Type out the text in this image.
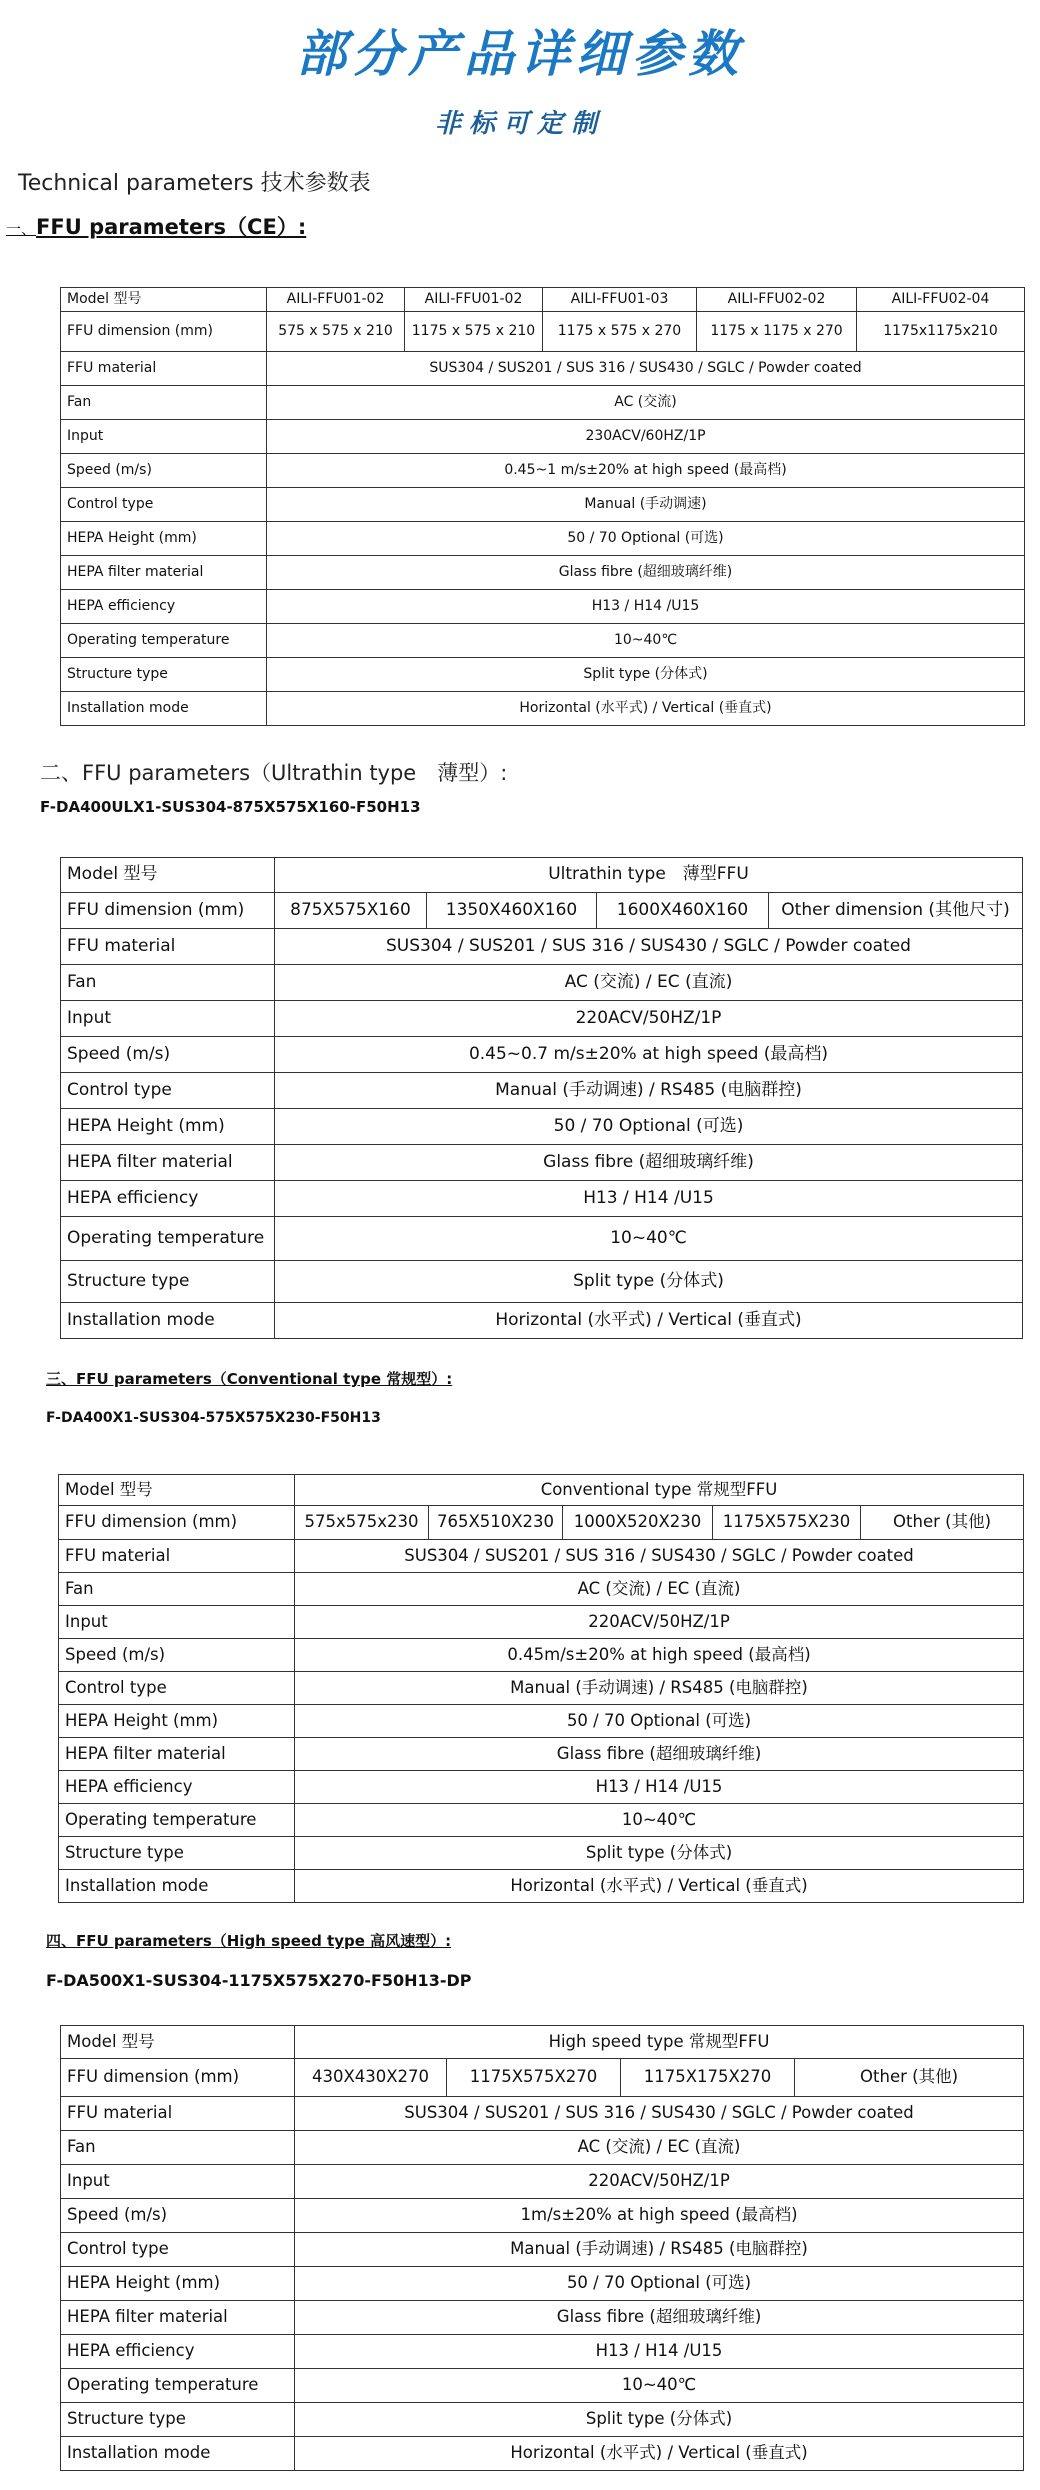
部分产品详细参数
非标可定制
Technical parameters 技术参数表
一、FFU parameters（CE）:
Model 型号	AILI-FFU01-02	AILI-FFU01-02	AILI-FFU01-03	AILI-FFU02-02	AILI-FFU02-04
FFU dimension (mm)	575 x 575 x 210	1175 x 575 x 210	1175 x 575 x 270	1175 x 1175 x 270	1175x1175x210
FFU material	SUS304 / SUS201 / SUS 316 / SUS430 / SGLC / Powder coated				
Fan	AC (交流)				
Input	230ACV/60HZ/1P				
Speed (m/s)	0.45~1 m/s±20% at high speed (最高档)				
Control type	Manual (手动调速)				
HEPA Height (mm)	50 / 70 Optional (可选)				
HEPA filter material	Glass fibre (超细玻璃纤维)				
HEPA efficiency	H13 / H14 /U15				
Operating temperature	10~40℃				
Structure type	Split type (分体式)				
Installation mode	Horizontal (水平式) / Vertical (垂直式)				
二、FFU parameters（Ultrathin type　薄型）:
F-DA400ULX1-SUS304-875X575X160-F50H13
Model 型号	Ultrathin type　薄型FFU			
FFU dimension (mm)	875X575X160	1350X460X160	1600X460X160	Other dimension (其他尺寸)
FFU material	SUS304 / SUS201 / SUS 316 / SUS430 / SGLC / Powder coated			
Fan	AC (交流) / EC (直流)			
Input	220ACV/50HZ/1P			
Speed (m/s)	0.45~0.7 m/s±20% at high speed (最高档)			
Control type	Manual (手动调速) / RS485 (电脑群控)			
HEPA Height (mm)	50 / 70 Optional (可选)			
HEPA filter material	Glass fibre (超细玻璃纤维)			
HEPA efficiency	H13 / H14 /U15			
Operating temperature	10~40℃			
Structure type	Split type (分体式)			
Installation mode	Horizontal (水平式) / Vertical (垂直式)			
三、FFU parameters（Conventional type 常规型）:
F-DA400X1-SUS304-575X575X230-F50H13
Model 型号	Conventional type 常规型FFU				
FFU dimension (mm)	575x575x230	765X510X230	1000X520X230	1175X575X230	Other (其他)
FFU material	SUS304 / SUS201 / SUS 316 / SUS430 / SGLC / Powder coated				
Fan	AC (交流) / EC (直流)				
Input	220ACV/50HZ/1P				
Speed (m/s)	0.45m/s±20% at high speed (最高档)				
Control type	Manual (手动调速) / RS485 (电脑群控)				
HEPA Height (mm)	50 / 70 Optional (可选)				
HEPA filter material	Glass fibre (超细玻璃纤维)				
HEPA efficiency	H13 / H14 /U15				
Operating temperature	10~40℃				
Structure type	Split type (分体式)				
Installation mode	Horizontal (水平式) / Vertical (垂直式)				
四、FFU parameters（High speed type 高风速型）:
F-DA500X1-SUS304-1175X575X270-F50H13-DP
Model 型号	High speed type 常规型FFU			
FFU dimension (mm)	430X430X270	1175X575X270	1175X175X270	Other (其他)
FFU material	SUS304 / SUS201 / SUS 316 / SUS430 / SGLC / Powder coated			
Fan	AC (交流) / EC (直流)			
Input	220ACV/50HZ/1P			
Speed (m/s)	1m/s±20% at high speed (最高档)			
Control type	Manual (手动调速) / RS485 (电脑群控)			
HEPA Height (mm)	50 / 70 Optional (可选)			
HEPA filter material	Glass fibre (超细玻璃纤维)			
HEPA efficiency	H13 / H14 /U15			
Operating temperature	10~40℃			
Structure type	Split type (分体式)			
Installation mode	Horizontal (水平式) / Vertical (垂直式)			
